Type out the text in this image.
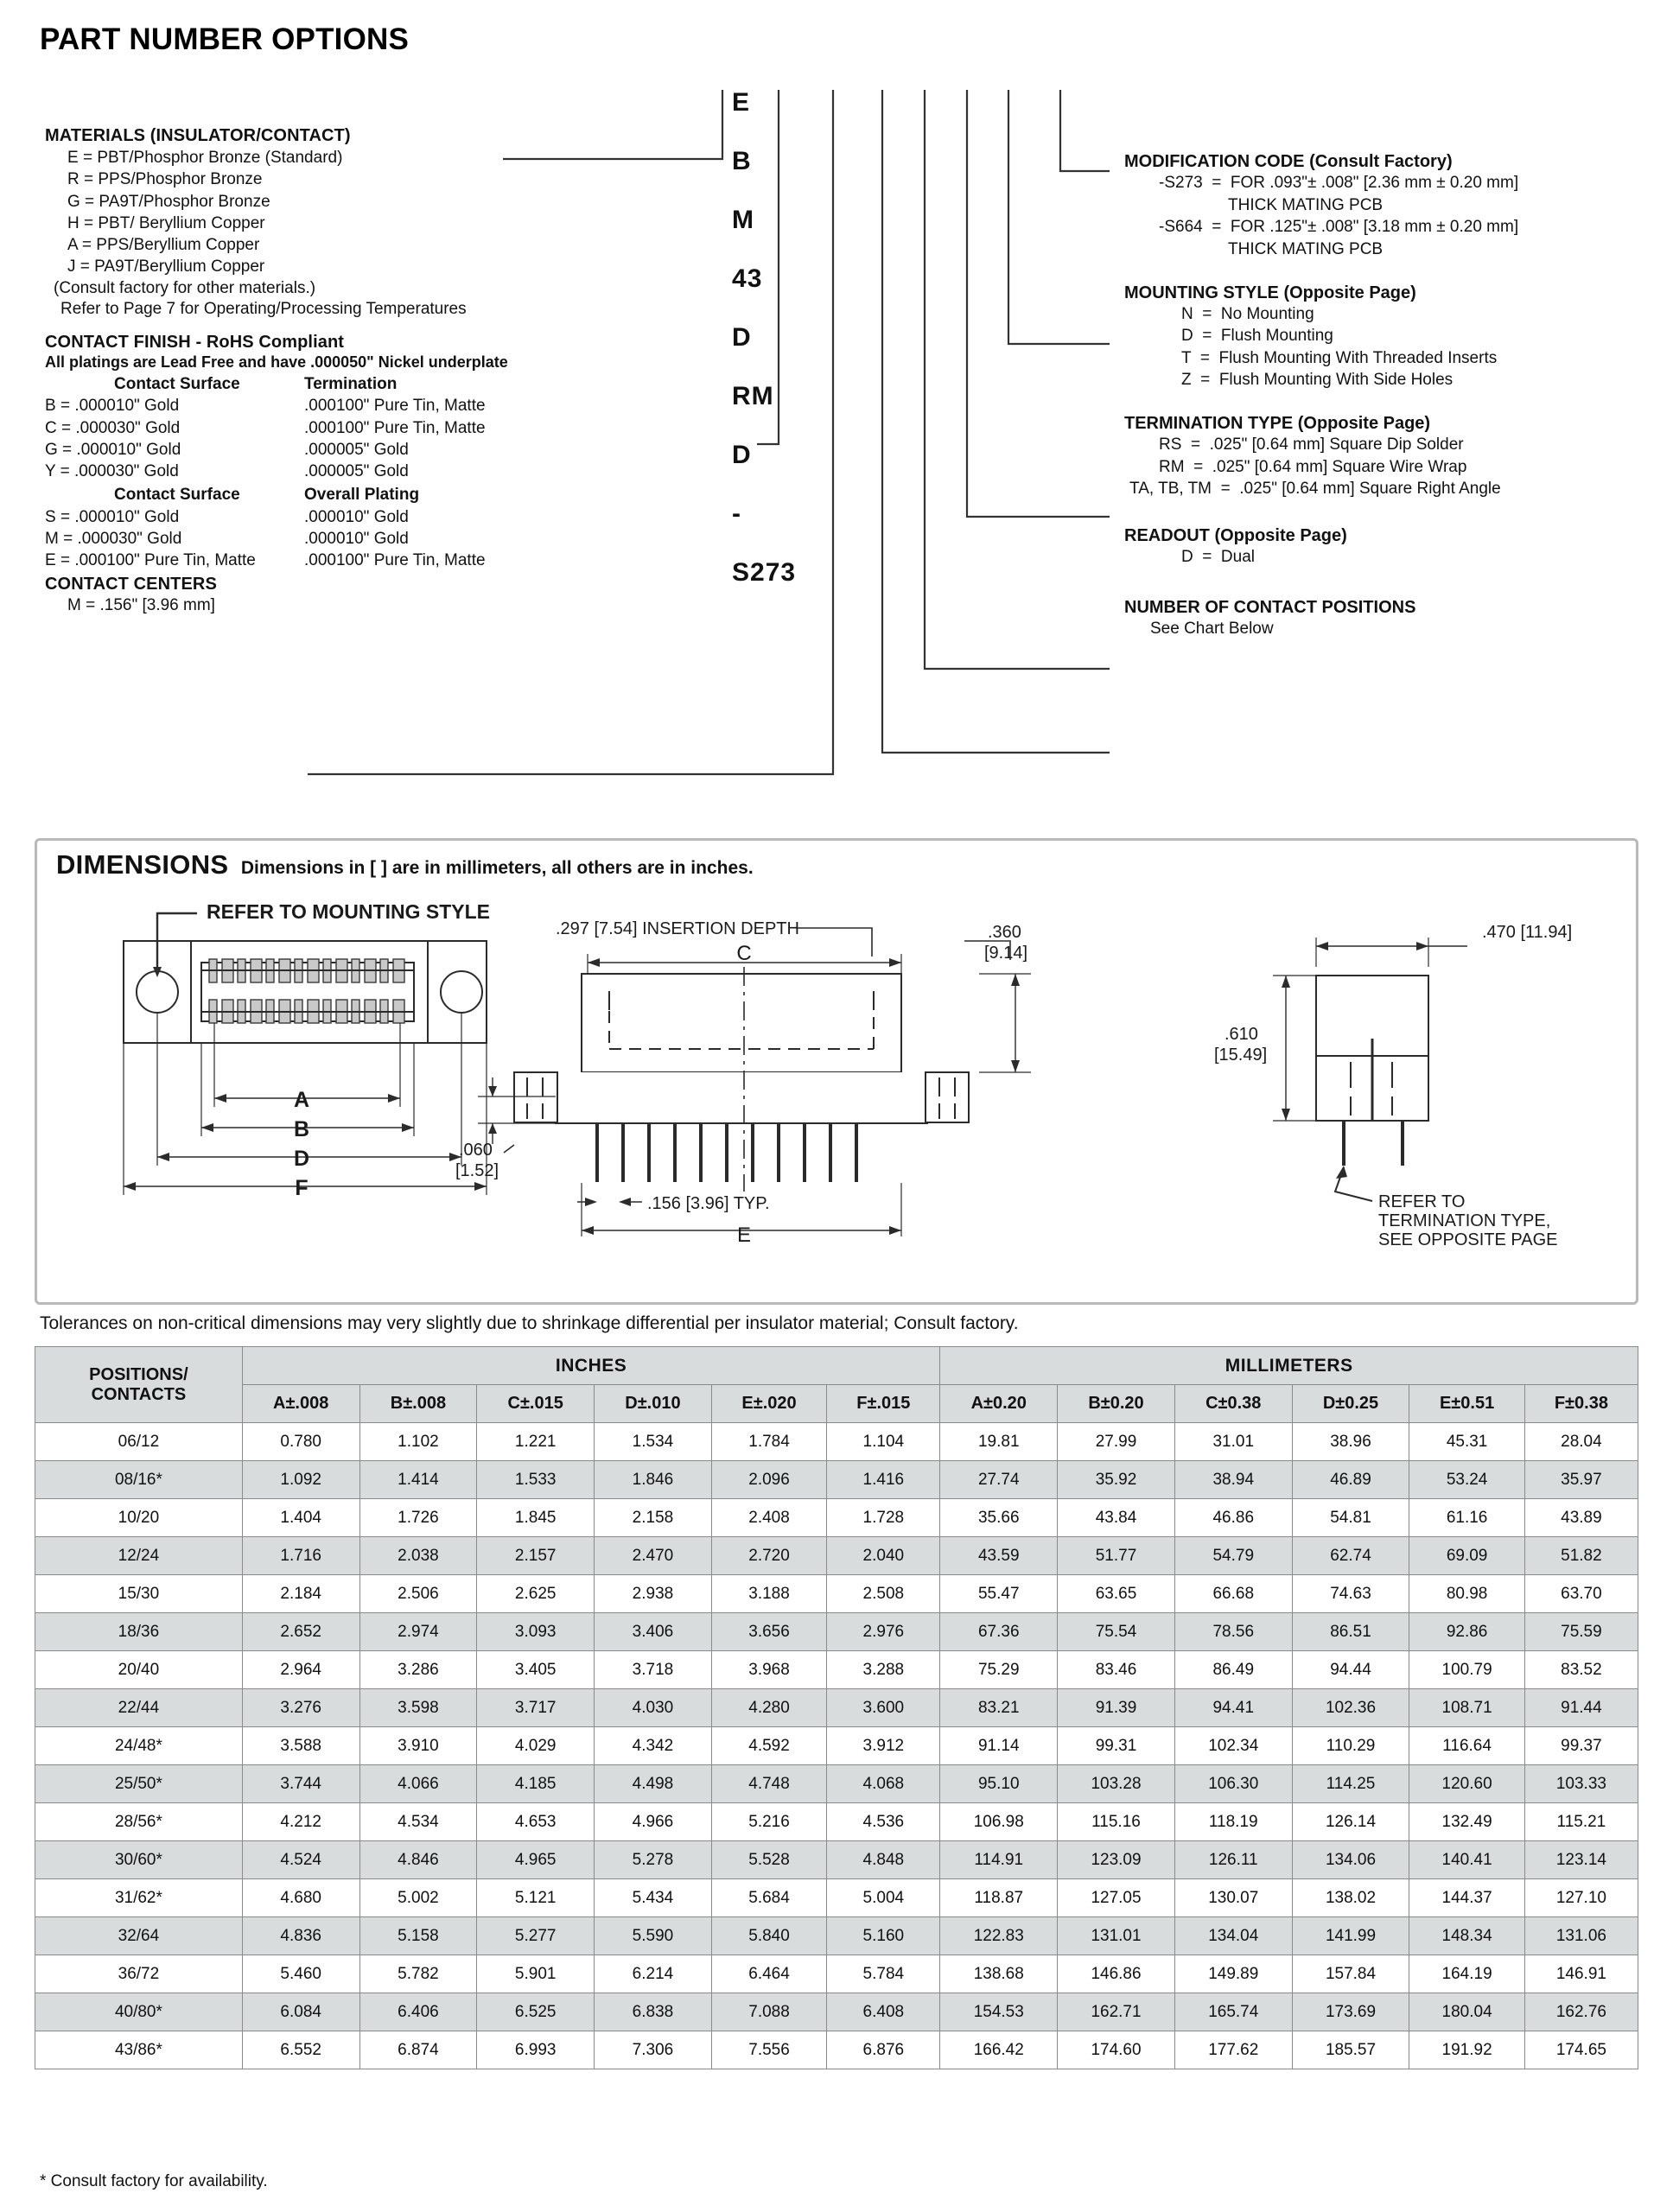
PART NUMBER OPTIONS

E

B

M

43

D

RM

D

-

S273

MATERIALS (INSULATOR/CONTACT)
E = PBT/Phosphor Bronze (Standard)
R = PPS/Phosphor Bronze
G = PA9T/Phosphor Bronze
H = PBT/ Beryllium Copper
A = PPS/Beryllium Copper
J = PA9T/Beryllium Copper
(Consult factory for other materials.)
Refer to Page 7 for Operating/Processing Temperatures
CONTACT FINISH - RoHS Compliant
All platings are Lead Free and have .000050" Nickel underplate
Contact Surface	Termination
B = .000010" Gold	.000100" Pure Tin, Matte
C = .000030" Gold	.000100" Pure Tin, Matte
G = .000010" Gold	.000005" Gold
Y = .000030" Gold	.000005" Gold
Contact Surface	Overall Plating
S = .000010" Gold	.000010" Gold
M = .000030" Gold	.000010" Gold
E = .000100" Pure Tin, Matte	.000100" Pure Tin, Matte
CONTACT CENTERS
M = .156" [3.96 mm]
MODIFICATION CODE (Consult Factory)
-S273  =  FOR .093"± .008" [2.36 mm ± 0.20 mm]
THICK MATING PCB
-S664  =  FOR .125"± .008" [3.18 mm ± 0.20 mm]
THICK MATING PCB
MOUNTING STYLE (Opposite Page)
N  =  No Mounting
D  =  Flush Mounting
T  =  Flush Mounting With Threaded Inserts
Z  =  Flush Mounting With Side Holes
TERMINATION TYPE (Opposite Page)
RS  =  .025" [0.64 mm] Square Dip Solder
RM  =  .025" [0.64 mm] Square Wire Wrap
TA, TB, TM  =  .025" [0.64 mm] Square Right Angle
READOUT (Opposite Page)
D  =  Dual
NUMBER OF CONTACT POSITIONS
See Chart Below
DIMENSIONS Dimensions in [ ] are in millimeters, all others are in inches.
REFER TO MOUNTING STYLE
A
B
D
F
.297 [7.54] INSERTION DEPTH
C
E
.360
[9.14]
.060
[1.52]
.156 [3.96] TYP.
.470 [11.94]
.610
[15.49]
REFER TO
TERMINATION TYPE,
SEE OPPOSITE PAGE
Tolerances on non-critical dimensions may very slightly due to shrinkage differential per insulator material; Consult factory.
POSITIONS/
CONTACTS	INCHES						MILLIMETERS					
	A±.008	B±.008	C±.015	D±.010	E±.020	F±.015	A±0.20	B±0.20	C±0.38	D±0.25	E±0.51	F±0.38
06/12	0.780	1.102	1.221	1.534	1.784	1.104	19.81	27.99	31.01	38.96	45.31	28.04
08/16*	1.092	1.414	1.533	1.846	2.096	1.416	27.74	35.92	38.94	46.89	53.24	35.97
10/20	1.404	1.726	1.845	2.158	2.408	1.728	35.66	43.84	46.86	54.81	61.16	43.89
12/24	1.716	2.038	2.157	2.470	2.720	2.040	43.59	51.77	54.79	62.74	69.09	51.82
15/30	2.184	2.506	2.625	2.938	3.188	2.508	55.47	63.65	66.68	74.63	80.98	63.70
18/36	2.652	2.974	3.093	3.406	3.656	2.976	67.36	75.54	78.56	86.51	92.86	75.59
20/40	2.964	3.286	3.405	3.718	3.968	3.288	75.29	83.46	86.49	94.44	100.79	83.52
22/44	3.276	3.598	3.717	4.030	4.280	3.600	83.21	91.39	94.41	102.36	108.71	91.44
24/48*	3.588	3.910	4.029	4.342	4.592	3.912	91.14	99.31	102.34	110.29	116.64	99.37
25/50*	3.744	4.066	4.185	4.498	4.748	4.068	95.10	103.28	106.30	114.25	120.60	103.33
28/56*	4.212	4.534	4.653	4.966	5.216	4.536	106.98	115.16	118.19	126.14	132.49	115.21
30/60*	4.524	4.846	4.965	5.278	5.528	4.848	114.91	123.09	126.11	134.06	140.41	123.14
31/62*	4.680	5.002	5.121	5.434	5.684	5.004	118.87	127.05	130.07	138.02	144.37	127.10
32/64	4.836	5.158	5.277	5.590	5.840	5.160	122.83	131.01	134.04	141.99	148.34	131.06
36/72	5.460	5.782	5.901	6.214	6.464	5.784	138.68	146.86	149.89	157.84	164.19	146.91
40/80*	6.084	6.406	6.525	6.838	7.088	6.408	154.53	162.71	165.74	173.69	180.04	162.76
43/86*	6.552	6.874	6.993	7.306	7.556	6.876	166.42	174.60	177.62	185.57	191.92	174.65
* Consult factory for availability.
